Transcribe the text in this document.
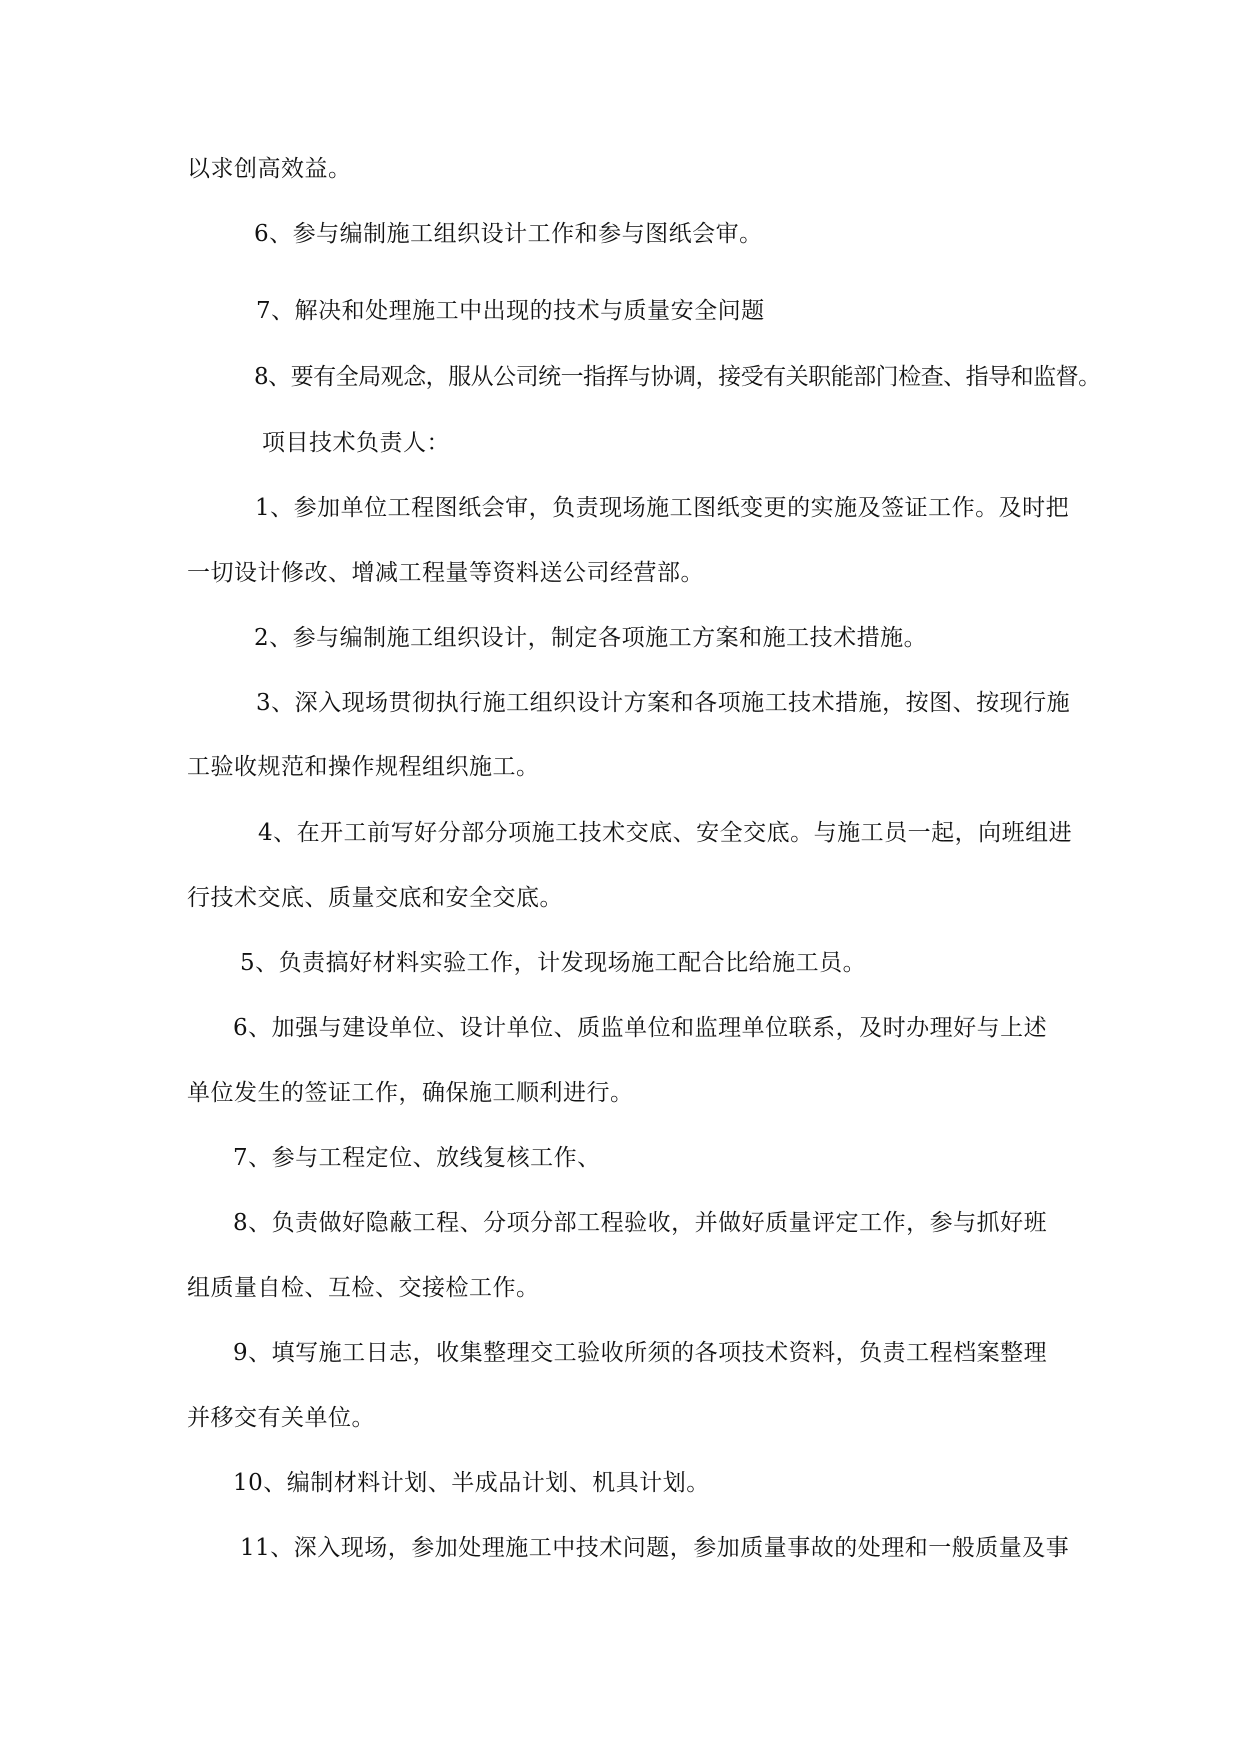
以求创高效益。
6、参与编制施工组织设计工作和参与图纸会审。
7、解决和处理施工中出现的技术与质量安全问题
8、要有全局观念，服从公司统一指挥与协调，接受有关职能部门检查、指导和监督。
项目技术负责人：
1、参加单位工程图纸会审，负责现场施工图纸变更的实施及签证工作。及时把
一切设计修改、增减工程量等资料送公司经营部。
2、参与编制施工组织设计，制定各项施工方案和施工技术措施。
3、深入现场贯彻执行施工组织设计方案和各项施工技术措施，按图、按现行施
工验收规范和操作规程组织施工。
4、在开工前写好分部分项施工技术交底、安全交底。与施工员一起，向班组进
行技术交底、质量交底和安全交底。
5、负责搞好材料实验工作，计发现场施工配合比给施工员。
6、加强与建设单位、设计单位、质监单位和监理单位联系，及时办理好与上述
单位发生的签证工作，确保施工顺利进行。
7、参与工程定位、放线复核工作、
8、负责做好隐蔽工程、分项分部工程验收，并做好质量评定工作，参与抓好班
组质量自检、互检、交接检工作。
9、填写施工日志，收集整理交工验收所须的各项技术资料，负责工程档案整理
并移交有关单位。
10、编制材料计划、半成品计划、机具计划。
11、深入现场，参加处理施工中技术问题，参加质量事故的处理和一般质量及事
